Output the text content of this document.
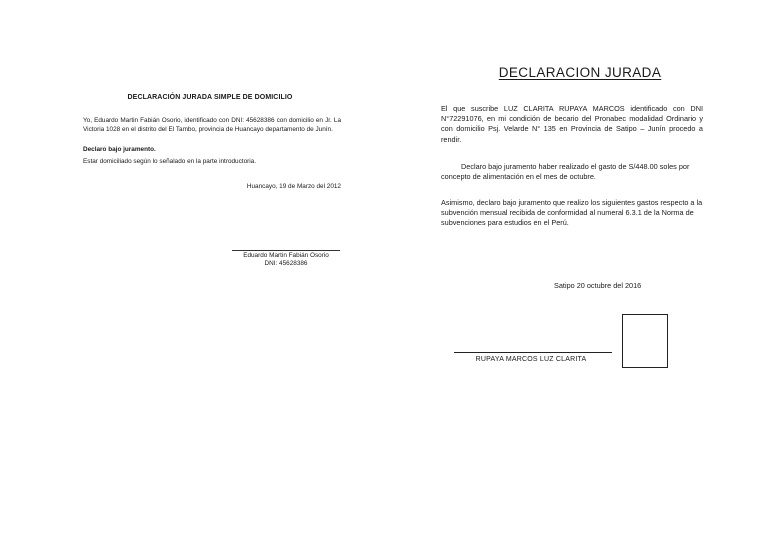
DECLARACIÓN JURADA SIMPLE DE DOMICILIO
Yo, Eduardo Martin Fabián Osorio, identificado con DNI: 45628386 con domicilio en Jr. La Victoria 1028 en el distrito del El Tambo, provincia de Huancayo departamento de Junín.
Declaro bajo juramento.
Estar domiciliado según lo señalado en la parte introductoria.
Huancayo, 19 de Marzo del 2012
Eduardo Martin Fabián Osorio
DNI: 45628386
DECLARACION JURADA
El que suscribe LUZ CLARITA RUPAYA MARCOS identificado con DNI N°72291076, en mi condición de becario del Pronabec modalidad Ordinario y con domicilio Psj. Velarde N° 135 en Provincia de Satipo – Junín procedo a rendir.
Declaro bajo juramento haber realizado el gasto de S/448.00 soles por concepto de alimentación en el mes de octubre.
Asimismo, declaro bajo juramento que realizo los siguientes gastos respecto a la subvención mensual recibida de conformidad al numeral 6.3.1 de la Norma de subvenciones para estudios en el Perú.
Satipo 20 octubre del 2016
RUPAYA MARCOS LUZ CLARITA
